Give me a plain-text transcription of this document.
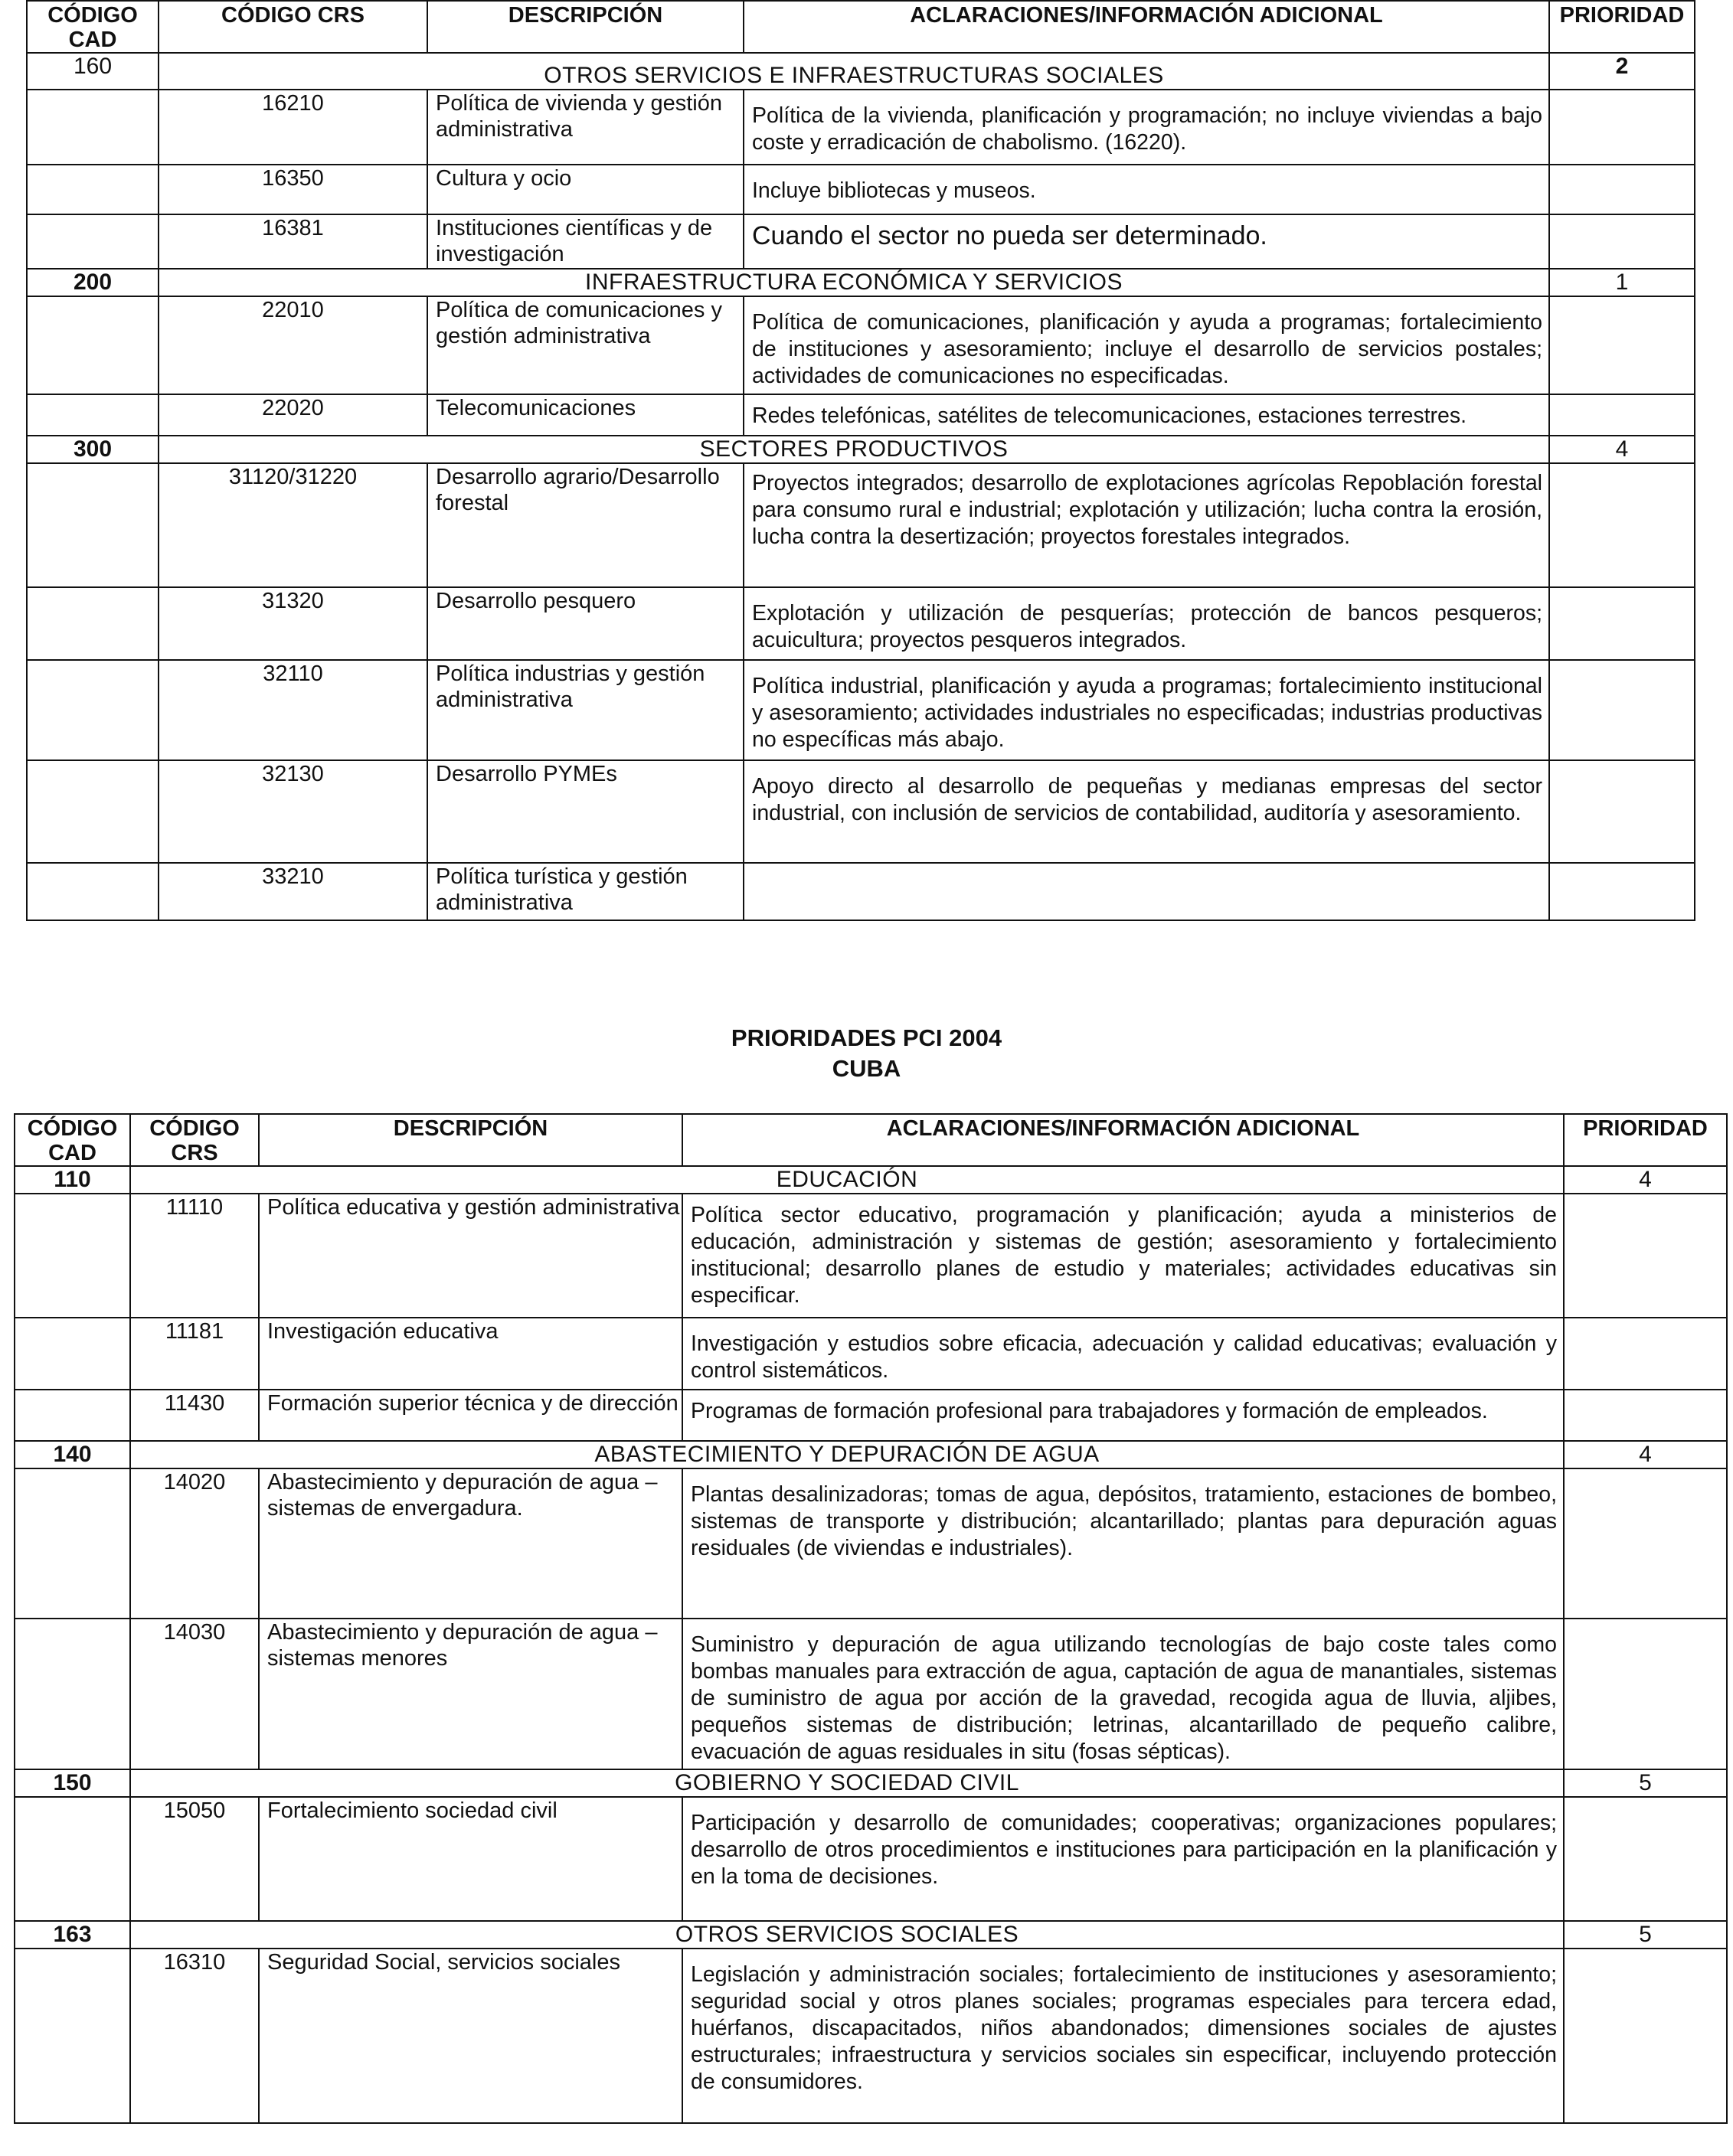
CÓDIGO CAD	CÓDIGO CRS	DESCRIPCIÓN	ACLARACIONES/INFORMACIÓN ADICIONAL	PRIORIDAD
160	OTROS SERVICIOS E INFRAESTRUCTURAS SOCIALES			2
	16210	Política de vivienda y gestión administrativa	Política de la vivienda, planificación y programación; no incluye viviendas a bajo coste y erradicación de chabolismo. (16220).	
	16350	Cultura y ocio	Incluye bibliotecas y museos.	
	16381	Instituciones científicas y de investigación	Cuando el sector no pueda ser determinado.	
200	INFRAESTRUCTURA ECONÓMICA Y SERVICIOS			1
	22010	Política de comunicaciones y gestión administrativa	Política de comunicaciones, planificación y ayuda a programas; fortalecimiento de instituciones y asesoramiento; incluye el desarrollo de servicios postales; actividades de comunicaciones no especificadas.	
	22020	Telecomunicaciones	Redes telefónicas, satélites de telecomunicaciones, estaciones terrestres.	
300	SECTORES PRODUCTIVOS			4
	31120/31220	Desarrollo agrario/Desarrollo forestal	Proyectos integrados; desarrollo de explotaciones agrícolas Repoblación forestal para consumo rural e industrial; explotación y utilización; lucha contra la erosión, lucha contra la desertización; proyectos forestales integrados.	
	31320	Desarrollo pesquero	Explotación y utilización de pesquerías; protección de bancos pesqueros; acuicultura; proyectos pesqueros integrados.	
	32110	Política industrias y gestión administrativa	Política industrial, planificación y ayuda a programas; fortalecimiento institucional y asesoramiento; actividades industriales no especificadas; industrias productivas no específicas más abajo.	
	32130	Desarrollo PYMEs	Apoyo directo al desarrollo de pequeñas y medianas empresas del sector industrial, con inclusión de servicios de contabilidad, auditoría y asesoramiento.	
	33210	Política turística y gestión administrativa		
PRIORIDADES PCI 2004
CUBA
CÓDIGO CAD	CÓDIGO CRS	DESCRIPCIÓN	ACLARACIONES/INFORMACIÓN ADICIONAL	PRIORIDAD
110	EDUCACIÓN			4
	11110	Política educativa y gestión administrativa	Política sector educativo, programación y planificación; ayuda a ministerios de educación, administración y sistemas de gestión; asesoramiento y fortalecimiento institucional; desarrollo planes de estudio y materiales; actividades educativas sin especificar.	
	11181	Investigación educativa	Investigación y estudios sobre eficacia, adecuación y calidad educativas; evaluación y control sistemáticos.	
	11430	Formación superior técnica y de dirección	Programas de formación profesional para trabajadores y formación de empleados.	
140	ABASTECIMIENTO Y DEPURACIÓN DE AGUA			4
	14020	Abastecimiento y depuración de agua –sistemas de envergadura.	Plantas desalinizadoras; tomas de agua, depósitos, tratamiento, estaciones de bombeo, sistemas de transporte y distribución; alcantarillado; plantas para depuración aguas residuales (de viviendas e industriales).	
	14030	Abastecimiento y depuración de agua –sistemas menores	Suministro y depuración de agua utilizando tecnologías de bajo coste tales como bombas manuales para extracción de agua, captación de agua de manantiales, sistemas de suministro de agua por acción de la gravedad, recogida agua de lluvia, aljibes, pequeños sistemas de distribución; letrinas, alcantarillado de pequeño calibre, evacuación de aguas residuales in situ (fosas sépticas).	
150	GOBIERNO Y SOCIEDAD CIVIL			5
	15050	Fortalecimiento sociedad civil	Participación y desarrollo de comunidades; cooperativas; organizaciones populares; desarrollo de otros procedimientos e instituciones para participación en la planificación y en la toma de decisiones.	
163	OTROS SERVICIOS SOCIALES			5
	16310	Seguridad Social, servicios sociales	Legislación y administración sociales; fortalecimiento de instituciones y asesoramiento; seguridad social y otros planes sociales; programas especiales para tercera edad, huérfanos, discapacitados, niños abandonados; dimensiones sociales de ajustes estructurales; infraestructura y servicios sociales sin especificar, incluyendo protección de consumidores.	
